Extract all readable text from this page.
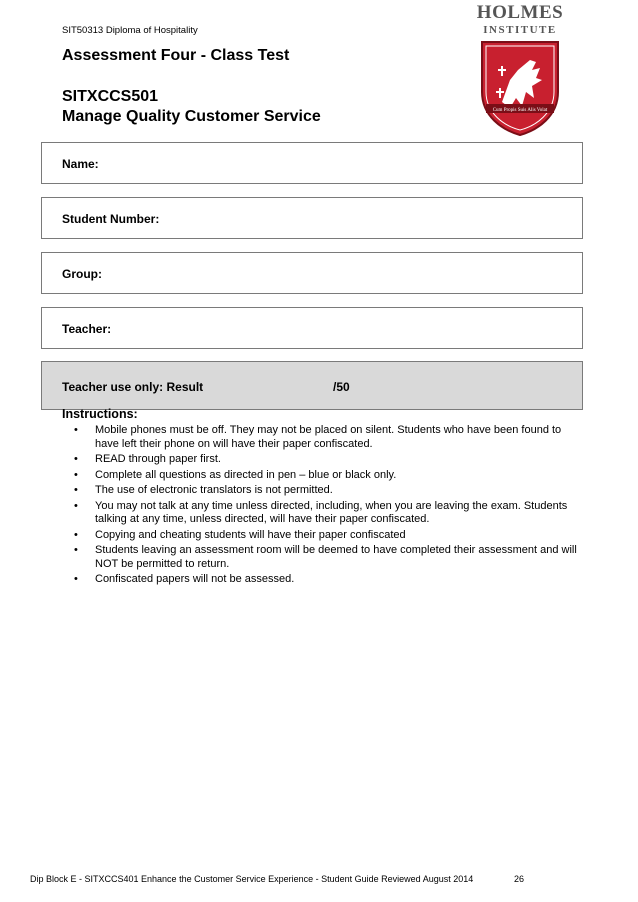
SIT50313 Diploma of Hospitality
Assessment Four - Class Test
SITXCCS501
Manage Quality Customer Service
HOLMES
INSTITUTE
Cum Propis Suis Alis Volat
Name:
Student Number:
Group:
Teacher:
Teacher use only: Result	/50
Instructions:
• Mobile phones must be off. They may not be placed on silent. Students who have been found to have left their phone on will have their paper confiscated.
• READ through paper first.
• Complete all questions as directed in pen – blue or black only.
• The use of electronic translators is not permitted.
• You may not talk at any time unless directed, including, when you are leaving the exam. Students talking at any time, unless directed, will have their paper confiscated.
• Copying and cheating students will have their paper confiscated
• Students leaving an assessment room will be deemed to have completed their assessment and will NOT be permitted to return.
• Confiscated papers will not be assessed.
Dip Block E - SITXCCS401 Enhance the Customer Service Experience - Student Guide Reviewed August 2014	26
